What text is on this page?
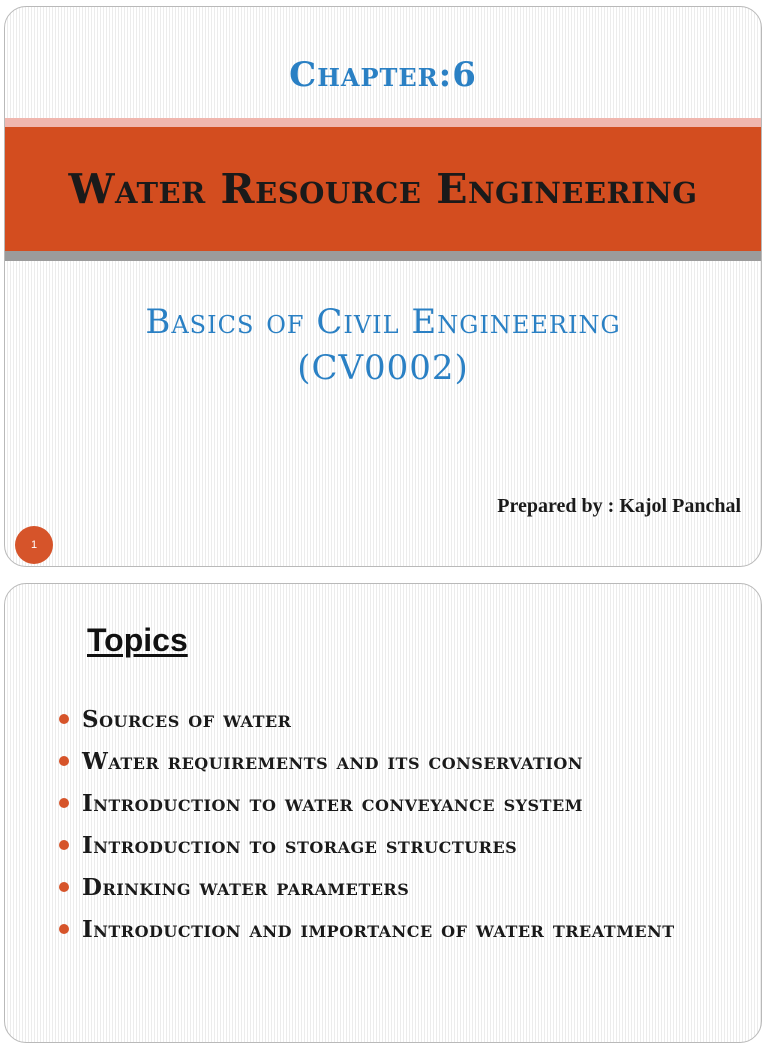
Chapter:6
Water Resource Engineering
Basics of Civil Engineering
(CV0002)
Prepared by : Kajol Panchal
1
Topics
Sources of water
Water requirements and its conservation
Introduction to water conveyance system
Introduction to storage structures
Drinking water parameters
Introduction and importance of water treatment
